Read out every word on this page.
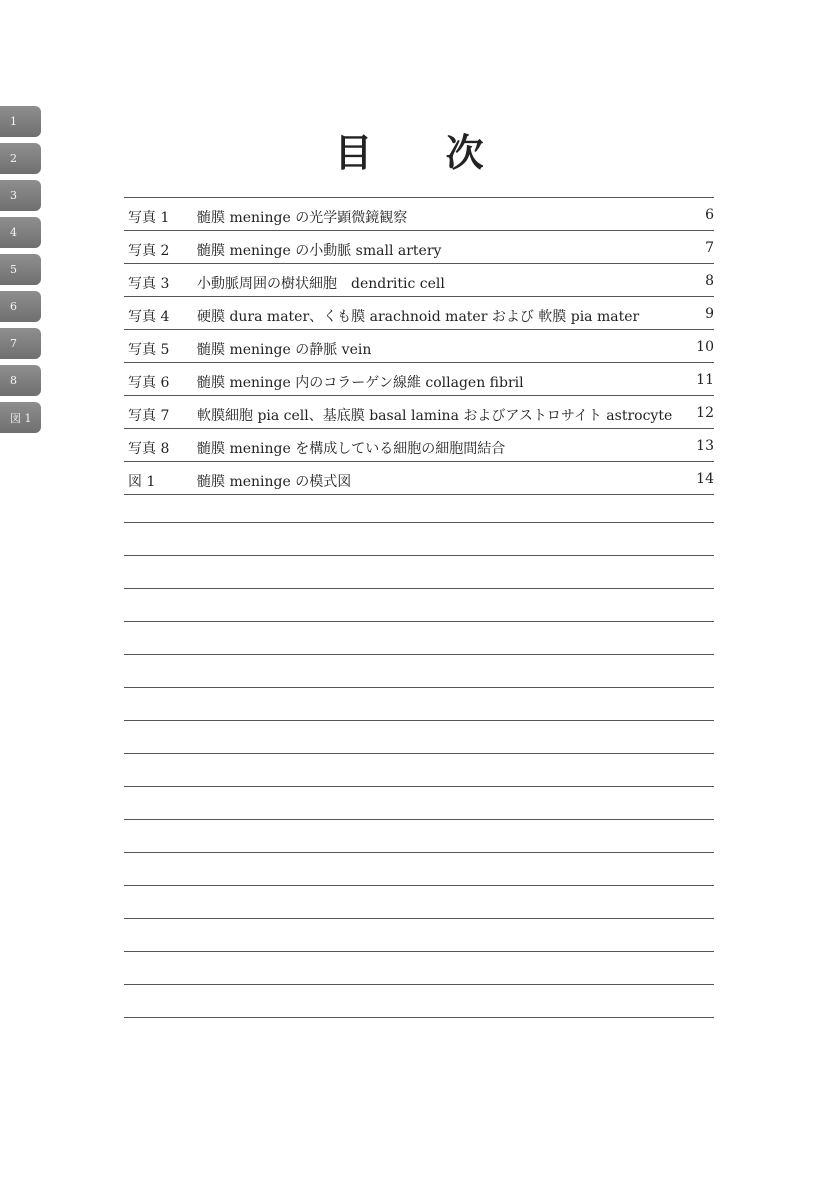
1
2
3
4
5
6
7
8
図 1
目 次
写真 1 髄膜 meninge の光学顕微鏡観察	6
写真 2 髄膜 meninge の小動脈 small artery	7
写真 3 小動脈周囲の樹状細胞　dendritic cell	8
写真 4 硬膜 dura mater、くも膜 arachnoid mater および 軟膜 pia mater	9
写真 5 髄膜 meninge の静脈 vein	10
写真 6 髄膜 meninge 内のコラーゲン線維 collagen fibril	11
写真 7 軟膜細胞 pia cell、基底膜 basal lamina およびアストロサイト astrocyte 12
写真 8 髄膜 meninge を構成している細胞の細胞間結合	13
図 1	髄膜 meninge の模式図	14
